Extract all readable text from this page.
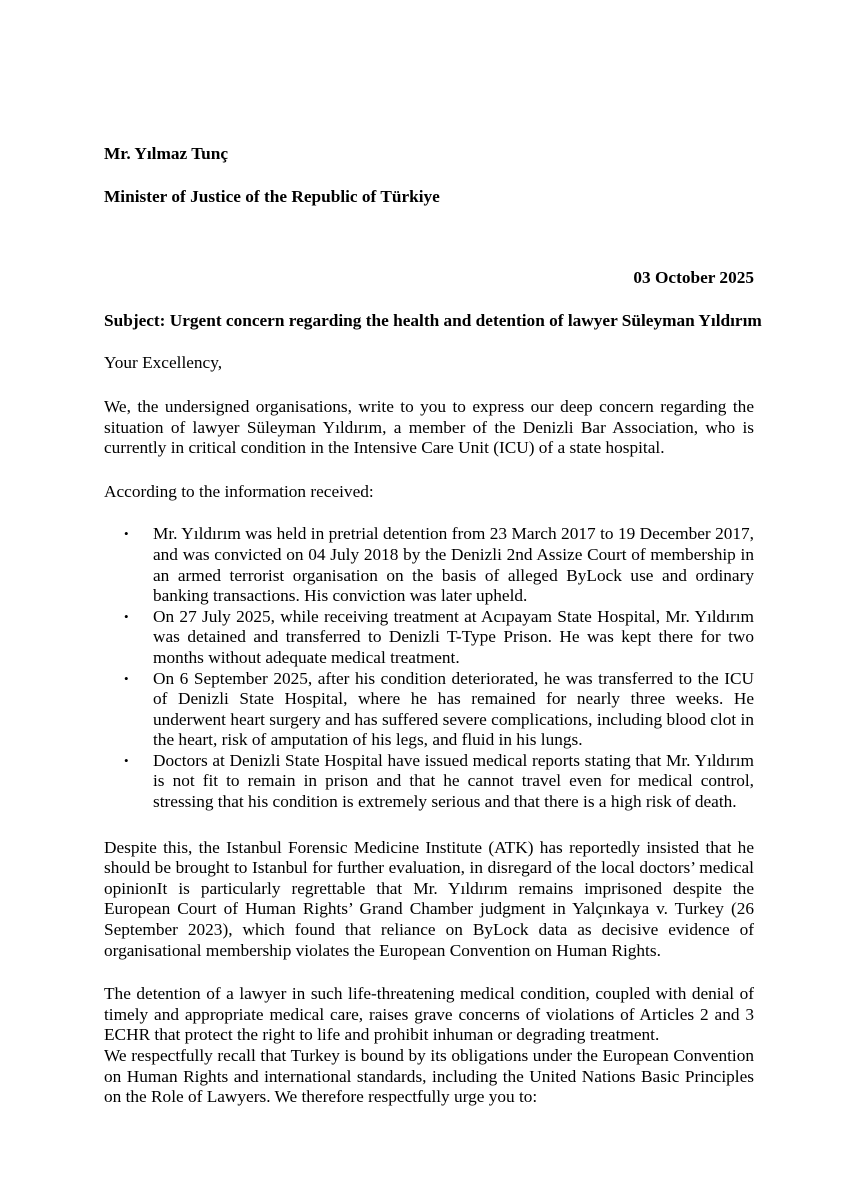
Mr. Yılmaz Tunç

Minister of Justice of the Republic of Türkiye

03 October 2025

Subject: Urgent concern regarding the health and detention of lawyer Süleyman Yıldırım

Your Excellency,

We, the undersigned organisations, write to you to express our deep concern regarding the situation of lawyer Süleyman Yıldırım, a member of the Denizli Bar Association, who is currently in critical condition in the Intensive Care Unit (ICU) of a state hospital.

According to the information received:

• Mr. Yıldırım was held in pretrial detention from 23 March 2017 to 19 December 2017, and was convicted on 04 July 2018 by the Denizli 2nd Assize Court of membership in an armed terrorist organisation on the basis of alleged ByLock use and ordinary banking transactions. His conviction was later upheld.
• On 27 July 2025, while receiving treatment at Acıpayam State Hospital, Mr. Yıldırım was detained and transferred to Denizli T-Type Prison. He was kept there for two months without adequate medical treatment.
• On 6 September 2025, after his condition deteriorated, he was transferred to the ICU of Denizli State Hospital, where he has remained for nearly three weeks. He underwent heart surgery and has suffered severe complications, including blood clot in the heart, risk of amputation of his legs, and fluid in his lungs.
• Doctors at Denizli State Hospital have issued medical reports stating that Mr. Yıldırım is not fit to remain in prison and that he cannot travel even for medical control, stressing that his condition is extremely serious and that there is a high risk of death.

Despite this, the Istanbul Forensic Medicine Institute (ATK) has reportedly insisted that he should be brought to Istanbul for further evaluation, in disregard of the local doctors’ medical opinionIt is particularly regrettable that Mr. Yıldırım remains imprisoned despite the European Court of Human Rights’ Grand Chamber judgment in Yalçınkaya v. Turkey (26 September 2023), which found that reliance on ByLock data as decisive evidence of organisational membership violates the European Convention on Human Rights.

The detention of a lawyer in such life-threatening medical condition, coupled with denial of timely and appropriate medical care, raises grave concerns of violations of Articles 2 and 3 ECHR that protect the right to life and prohibit inhuman or degrading treatment.

We respectfully recall that Turkey is bound by its obligations under the European Convention on Human Rights and international standards, including the United Nations Basic Principles on the Role of Lawyers. We therefore respectfully urge you to:
